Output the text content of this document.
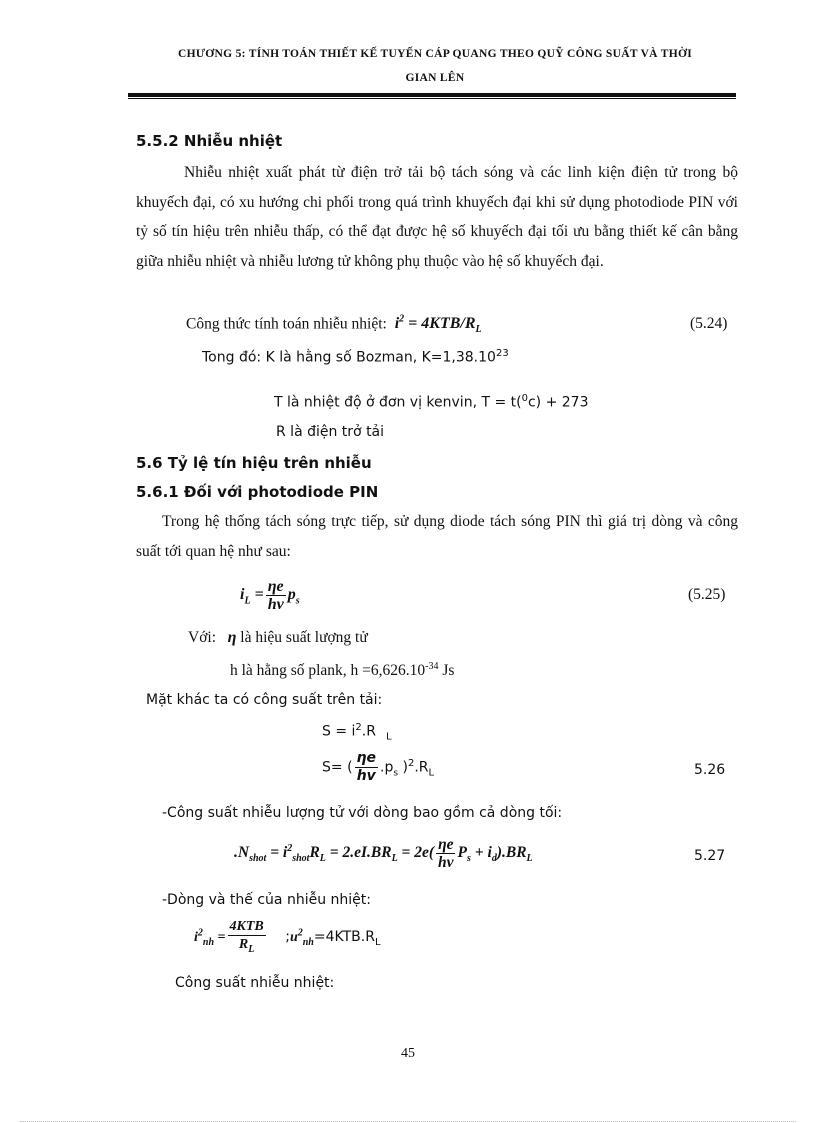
CHƯƠNG 5: TÍNH TOÁN THIẾT KẾ TUYẾN CÁP QUANG THEO QUỸ CÔNG SUẤT VÀ THỜI
GIAN LÊN
5.5.2 Nhiễu nhiệt
Nhiễu nhiệt xuất phát từ điện trở tải bộ tách sóng và các linh kiện điện tử trong bộ khuyếch đại, có xu hướng chi phối trong quá trình khuyếch đại khi sử dụng photodiode PIN với tỷ số tín hiệu trên nhiễu thấp, có thể đạt được hệ số khuyếch đại tối ưu bằng thiết kế cân bằng giữa nhiễu nhiệt và nhiễu lương tử không phụ thuộc vào hệ số khuyếch đại.
Công thức tính toán nhiễu nhiệt:  $i^2 = 4KTB/R_L$	(5.24)
Tong đó: K là hằng số Bozman, $K=1,38.10^{23}$
T là nhiệt độ ở đơn vị kenvin, T = t($^0$c) + 273
R là điện trở tải
5.6 Tỷ lệ tín hiệu trên nhiễu
5.6.1 Đối với photodiode PIN
Trong hệ thống tách sóng trực tiếp, sử dụng diode tách sóng PIN thì giá trị dòng và công suất tới quan hệ như sau:
$i_L = \frac{\eta e}{hv} p_s$	(5.25)
Với: η là hiệu suất lượng tử
h là hằng số plank, $h =6,626.10^{-34}$ Js
Mặt khác ta có công suất trên tải:
$S = i^2.R$ $_L$
S= ( $\frac{\eta e}{hv} .p_s$ )$^2.R_L$	5.26
-Công suất nhiễu lượng tử với dòng bao gồm cả dòng tối:
$.N_{shot} = i^2_{shot}R_L = 2.eI.BR_L = 2e( \frac{\eta e}{hv} P_s + i_d).BR_L$	5.27
-Dòng và thế của nhiễu nhiệt:
$i^2_{nh} = \frac{\text{4KTB}}{R_L}$ $;u^2_{nh}=4KTB.R_L$
Công suất nhiễu nhiệt:
45
